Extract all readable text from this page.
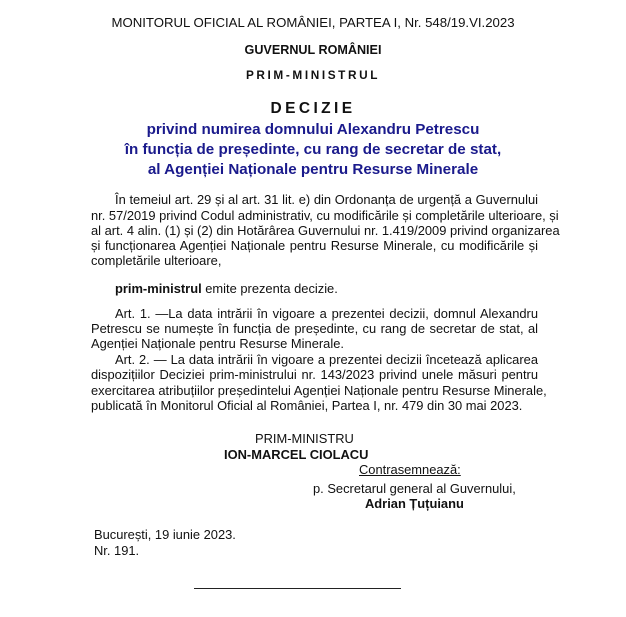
MONITORUL OFICIAL AL ROMÂNIEI, PARTEA I, Nr. 548/19.VI.2023
GUVERNUL ROMÂNIEI
PRIM-MINISTRUL
DECIZIE
privind numirea domnului Alexandru Petrescu
în funcția de președinte, cu rang de secretar de stat,
al Agenției Naționale pentru Resurse Minerale
În temeiul art. 29 și al art. 31 lit. e) din Ordonanța de urgență a Guvernului
nr. 57/2019 privind Codul administrativ, cu modificările și completările ulterioare, și
al art. 4 alin. (1) și (2) din Hotărârea Guvernului nr. 1.419/2009 privind organizarea
și funcționarea Agenției Naționale pentru Resurse Minerale, cu modificările și
completările ulterioare,
prim-ministrul emite prezenta decizie.
Art. 1. —La data intrării în vigoare a prezentei decizii, domnul Alexandru
Petrescu se numește în funcția de președinte, cu rang de secretar de stat, al
Agenției Naționale pentru Resurse Minerale.
Art. 2. — La data intrării în vigoare a prezentei decizii încetează aplicarea
dispozițiilor Deciziei prim-ministrului nr. 143/2023 privind unele măsuri pentru
exercitarea atribuțiilor președintelui Agenției Naționale pentru Resurse Minerale,
publicată în Monitorul Oficial al României, Partea I, nr. 479 din 30 mai 2023.
PRIM-MINISTRU
ION-MARCEL CIOLACU
Contrasemnează:
p. Secretarul general al Guvernului,
Adrian Țuțuianu
București, 19 iunie 2023.
Nr. 191.
